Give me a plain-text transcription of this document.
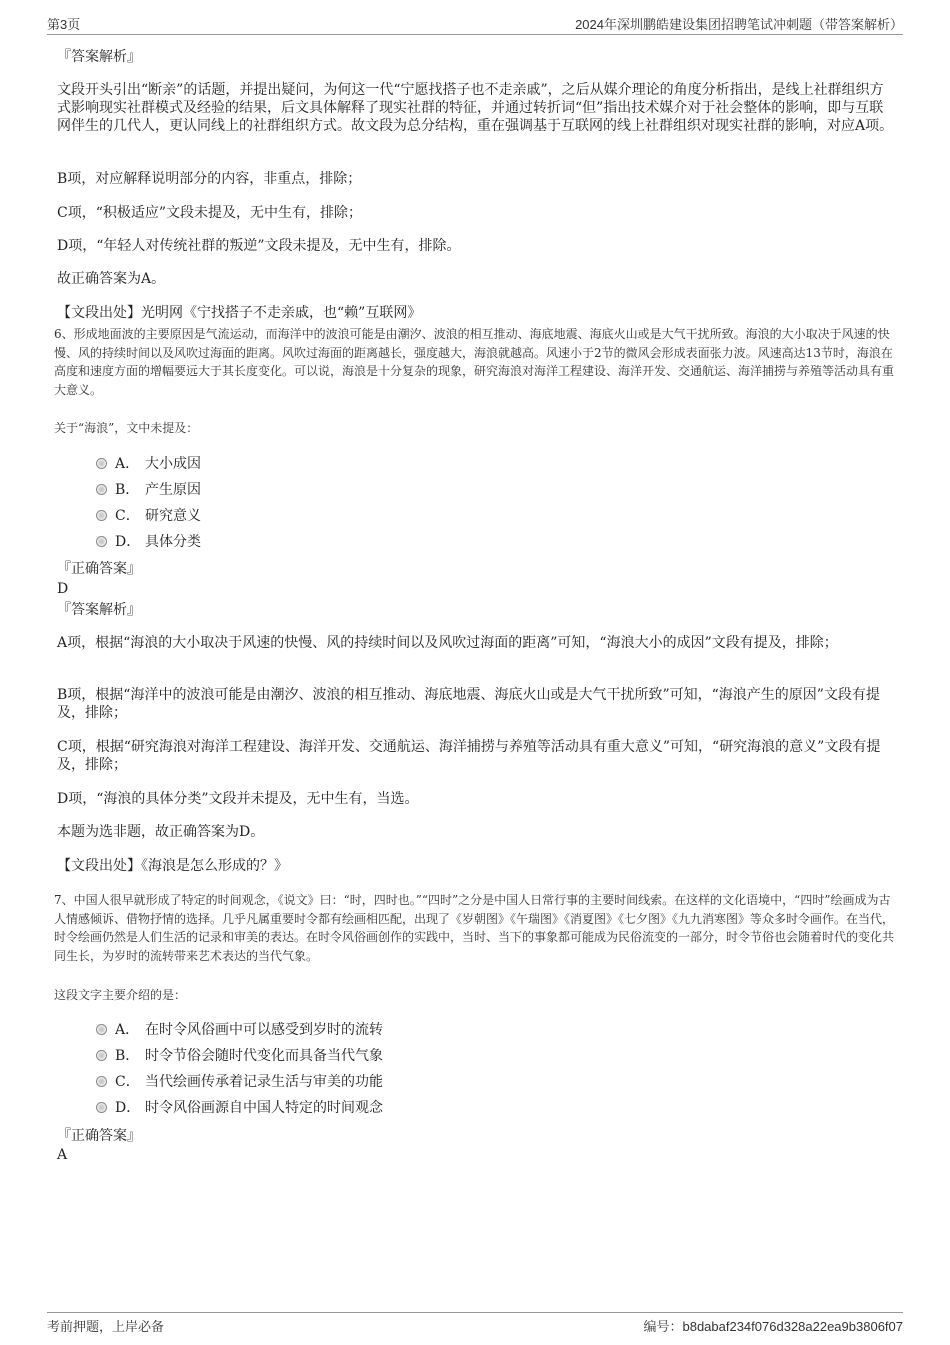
第3页	2024年深圳鹏皓建设集团招聘笔试冲刺题（带答案解析）

『答案解析』

文段开头引出“断亲”的话题，并提出疑问，为何这一代“宁愿找搭子也不走亲戚”，之后从媒介理论的角度分析指出，是线上社群组织方式影响现实社群模式及经验的结果，后文具体解释了现实社群的特征，并通过转折词“但”指出技术媒介对于社会整体的影响，即与互联网伴生的几代人，更认同线上的社群组织方式。故文段为总分结构，重在强调基于互联网的线上社群组织对现实社群的影响，对应A项。

B项，对应解释说明部分的内容，非重点，排除；

C项，“积极适应”文段未提及，无中生有，排除；

D项，“年轻人对传统社群的叛逆”文段未提及，无中生有，排除。

故正确答案为A。

【文段出处】光明网《宁找搭子不走亲戚，也“赖”互联网》

6、形成地面波的主要原因是气流运动，而海洋中的波浪可能是由潮汐、波浪的相互推动、海底地震、海底火山或是大气干扰所致。海浪的大小取决于风速的快慢、风的持续时间以及风吹过海面的距离。风吹过海面的距离越长，强度越大，海浪就越高。风速小于2节的微风会形成表面张力波。风速高达13节时，海浪在高度和速度方面的增幅要远大于其长度变化。可以说，海浪是十分复杂的现象，研究海浪对海洋工程建设、海洋开发、交通航运、海洋捕捞与养殖等活动具有重大意义。

关于“海浪”，文中未提及：

A． 大小成因
B． 产生原因
C． 研究意义
D． 具体分类

『正确答案』

D

『答案解析』

A项，根据“海浪的大小取决于风速的快慢、风的持续时间以及风吹过海面的距离”可知，“海浪大小的成因”文段有提及，排除；

B项，根据“海洋中的波浪可能是由潮汐、波浪的相互推动、海底地震、海底火山或是大气干扰所致”可知，“海浪产生的原因”文段有提及，排除；

C项，根据“研究海浪对海洋工程建设、海洋开发、交通航运、海洋捕捞与养殖等活动具有重大意义”可知，“研究海浪的意义”文段有提及，排除；

D项，“海浪的具体分类”文段并未提及，无中生有，当选。

本题为选非题，故正确答案为D。

【文段出处】《海浪是怎么形成的？》

7、中国人很早就形成了特定的时间观念，《说文》曰：“时，四时也。”“四时”之分是中国人日常行事的主要时间线索。在这样的文化语境中，“四时”绘画成为古人情感倾诉、借物抒情的选择。几乎凡属重要时令都有绘画相匹配，出现了《岁朝图》《午瑞图》《消夏图》《七夕图》《九九消寒图》等众多时令画作。在当代，时令绘画仍然是人们生活的记录和审美的表达。在时令风俗画创作的实践中，当时、当下的事象都可能成为民俗流变的一部分，时令节俗也会随着时代的变化共同生长，为岁时的流转带来艺术表达的当代气象。

这段文字主要介绍的是：

A． 在时令风俗画中可以感受到岁时的流转
B． 时令节俗会随时代变化而具备当代气象
C． 当代绘画传承着记录生活与审美的功能
D． 时令风俗画源自中国人特定的时间观念

『正确答案』

A

考前押题，上岸必备	编号：b8dabaf234f076d328a22ea9b3806f07
